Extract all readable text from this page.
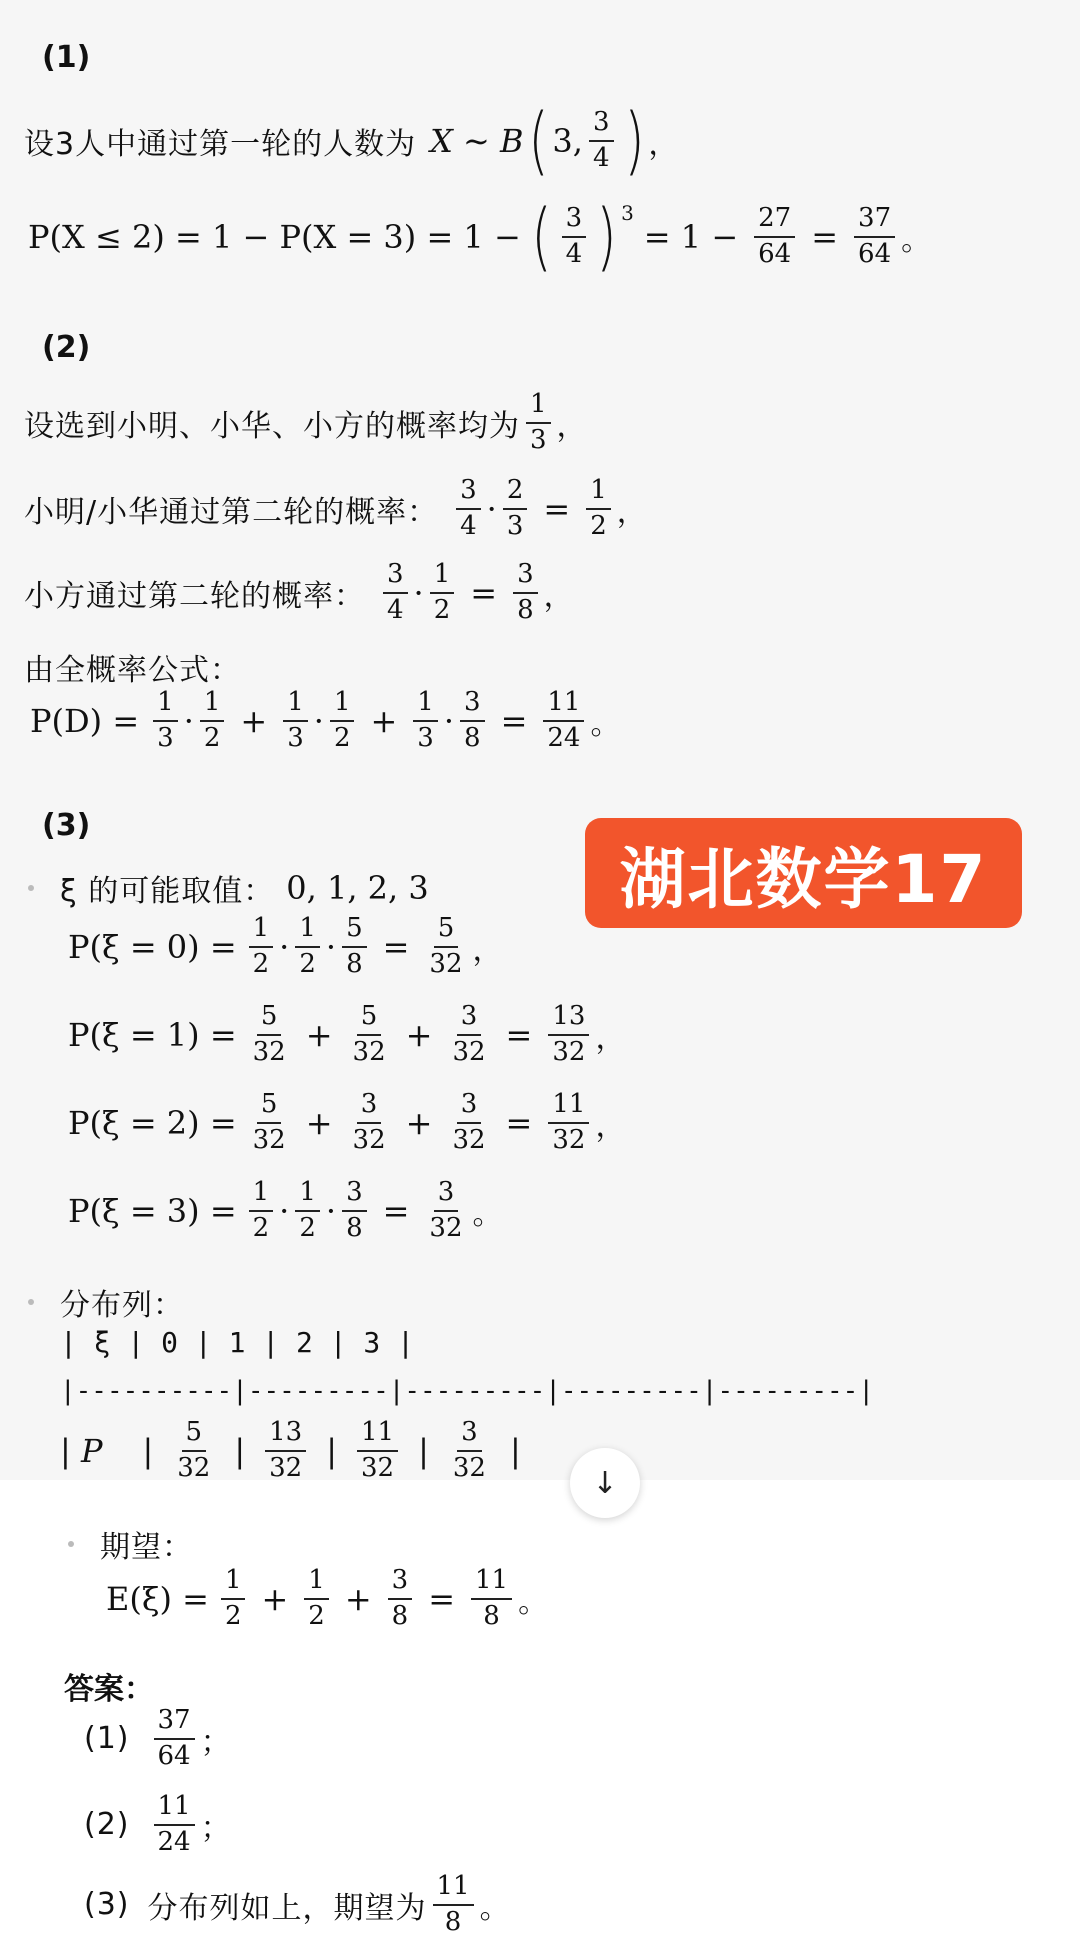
(1)
设3人中通过第一轮的人数为 X ∼ B ( 3, $\frac{3}{4}$ ) ，
P(X ≤ 2) = 1 − P(X = 3) = 1 − ( $\frac{3}{4}$ ) 3
= $1 - \frac{27}{64} = \frac{37}{64}$ 。
(2)
设选到小明、小华、小方的概率均为 $\frac{1}{3}$ ，
小明/小华通过第二轮的概率： $\frac{3}{4} \cdot \frac{2}{3} = \frac{1}{2}$ ，
小方通过第二轮的概率： $\frac{3}{4} \cdot \frac{1}{2} = \frac{3}{8}$ ，
由全概率公式：
$P(D) = \frac{1}{3} \cdot \frac{1}{2} + \frac{1}{3} \cdot \frac{1}{2} + \frac{1}{3} \cdot \frac{3}{8} = \frac{11}{24}$ 。
(3)
ξ 的可能取值： 0, 1, 2, 3
$P(\xi = 0) = \frac{1}{2} \cdot \frac{1}{2} \cdot \frac{5}{8} = \frac{5}{32}$ ，
$P(\xi = 1) = \frac{5}{32} + \frac{5}{32} + \frac{3}{32} = \frac{13}{32}$ ，
$P(\xi = 2) = \frac{5}{32} + \frac{3}{32} + \frac{3}{32} = \frac{11}{32}$ ，
$P(\xi = 3) = \frac{1}{2} \cdot \frac{1}{2} \cdot \frac{3}{8} = \frac{3}{32}$ 。
分布列：
| ξ | 0 | 1 | 2 | 3 |
|----------|---------|---------|---------|---------|
| P | $\frac{5}{32}$ | $\frac{13}{32}$ | $\frac{11}{32}$ | $\frac{3}{32}$ |
↓
期望：
$E(\xi) = \frac{1}{2} + \frac{1}{2} + \frac{3}{8} = \frac{11}{8}$ 。
答案：
$(1) \frac{37}{64}$ ；
$(2) \frac{11}{24}$ ；
(3) 分布列如上，期望为 $\frac{11}{8}$ 。
湖北数学17
